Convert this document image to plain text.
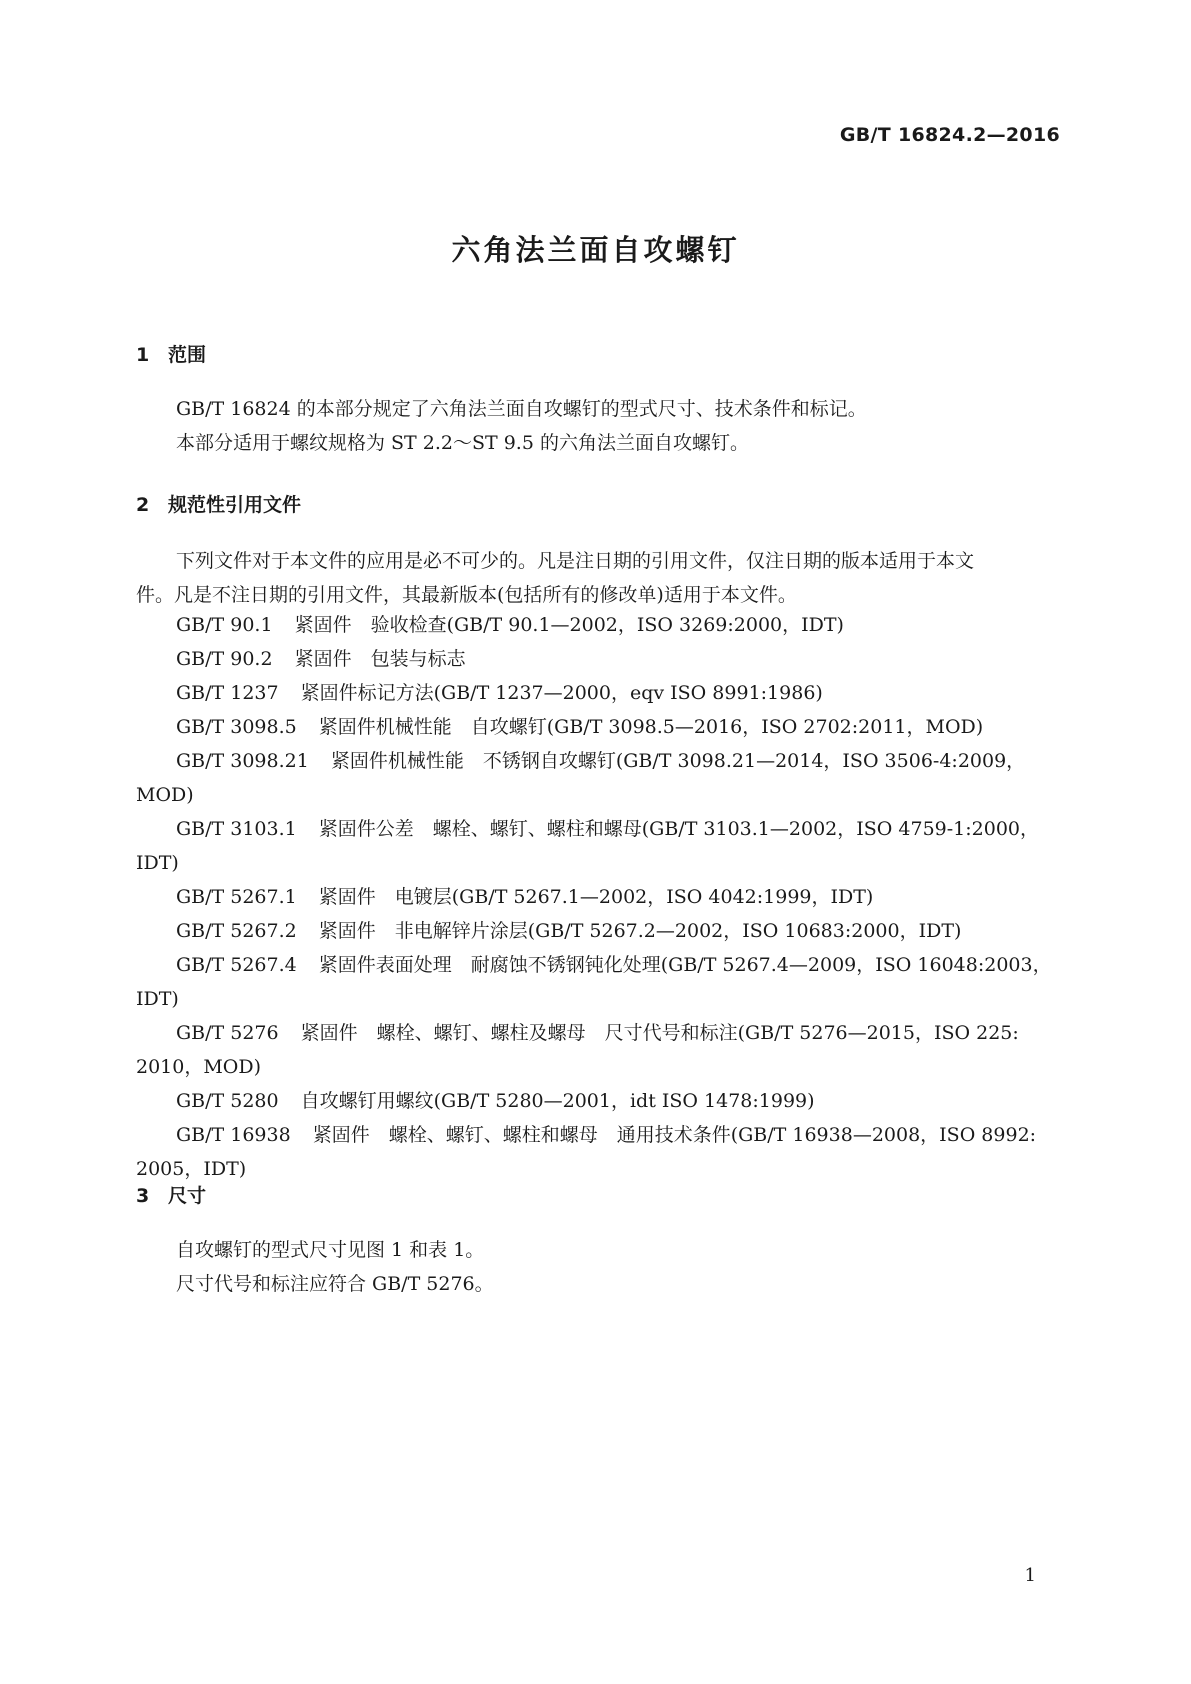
GB/T 16824.2—2016
六角法兰面自攻螺钉
1 范围
GB/T 16824 的本部分规定了六角法兰面自攻螺钉的型式尺寸、技术条件和标记。
本部分适用于螺纹规格为 ST 2.2～ST 9.5 的六角法兰面自攻螺钉。
2 规范性引用文件
下列文件对于本文件的应用是必不可少的。凡是注日期的引用文件，仅注日期的版本适用于本文
件。凡是不注日期的引用文件，其最新版本(包括所有的修改单)适用于本文件。
GB/T 90.1 紧固件　验收检查(GB/T 90.1—2002，ISO 3269:2000，IDT)
GB/T 90.2 紧固件　包装与标志
GB/T 1237 紧固件标记方法(GB/T 1237—2000，eqv ISO 8991:1986)
GB/T 3098.5 紧固件机械性能　自攻螺钉(GB/T 3098.5—2016，ISO 2702:2011，MOD)
GB/T 3098.21 紧固件机械性能　不锈钢自攻螺钉(GB/T 3098.21—2014，ISO 3506-4:2009，
MOD)
GB/T 3103.1 紧固件公差　螺栓、螺钉、螺柱和螺母(GB/T 3103.1—2002，ISO 4759-1:2000，
IDT)
GB/T 5267.1 紧固件　电镀层(GB/T 5267.1—2002，ISO 4042:1999，IDT)
GB/T 5267.2 紧固件　非电解锌片涂层(GB/T 5267.2—2002，ISO 10683:2000，IDT)
GB/T 5267.4 紧固件表面处理　耐腐蚀不锈钢钝化处理(GB/T 5267.4—2009，ISO 16048:2003，
IDT)
GB/T 5276 紧固件　螺栓、螺钉、螺柱及螺母　尺寸代号和标注(GB/T 5276—2015，ISO 225:
2010，MOD)
GB/T 5280 自攻螺钉用螺纹(GB/T 5280—2001，idt ISO 1478:1999)
GB/T 16938 紧固件　螺栓、螺钉、螺柱和螺母　通用技术条件(GB/T 16938—2008，ISO 8992:
2005，IDT)
3 尺寸
自攻螺钉的型式尺寸见图 1 和表 1。
尺寸代号和标注应符合 GB/T 5276。
1
